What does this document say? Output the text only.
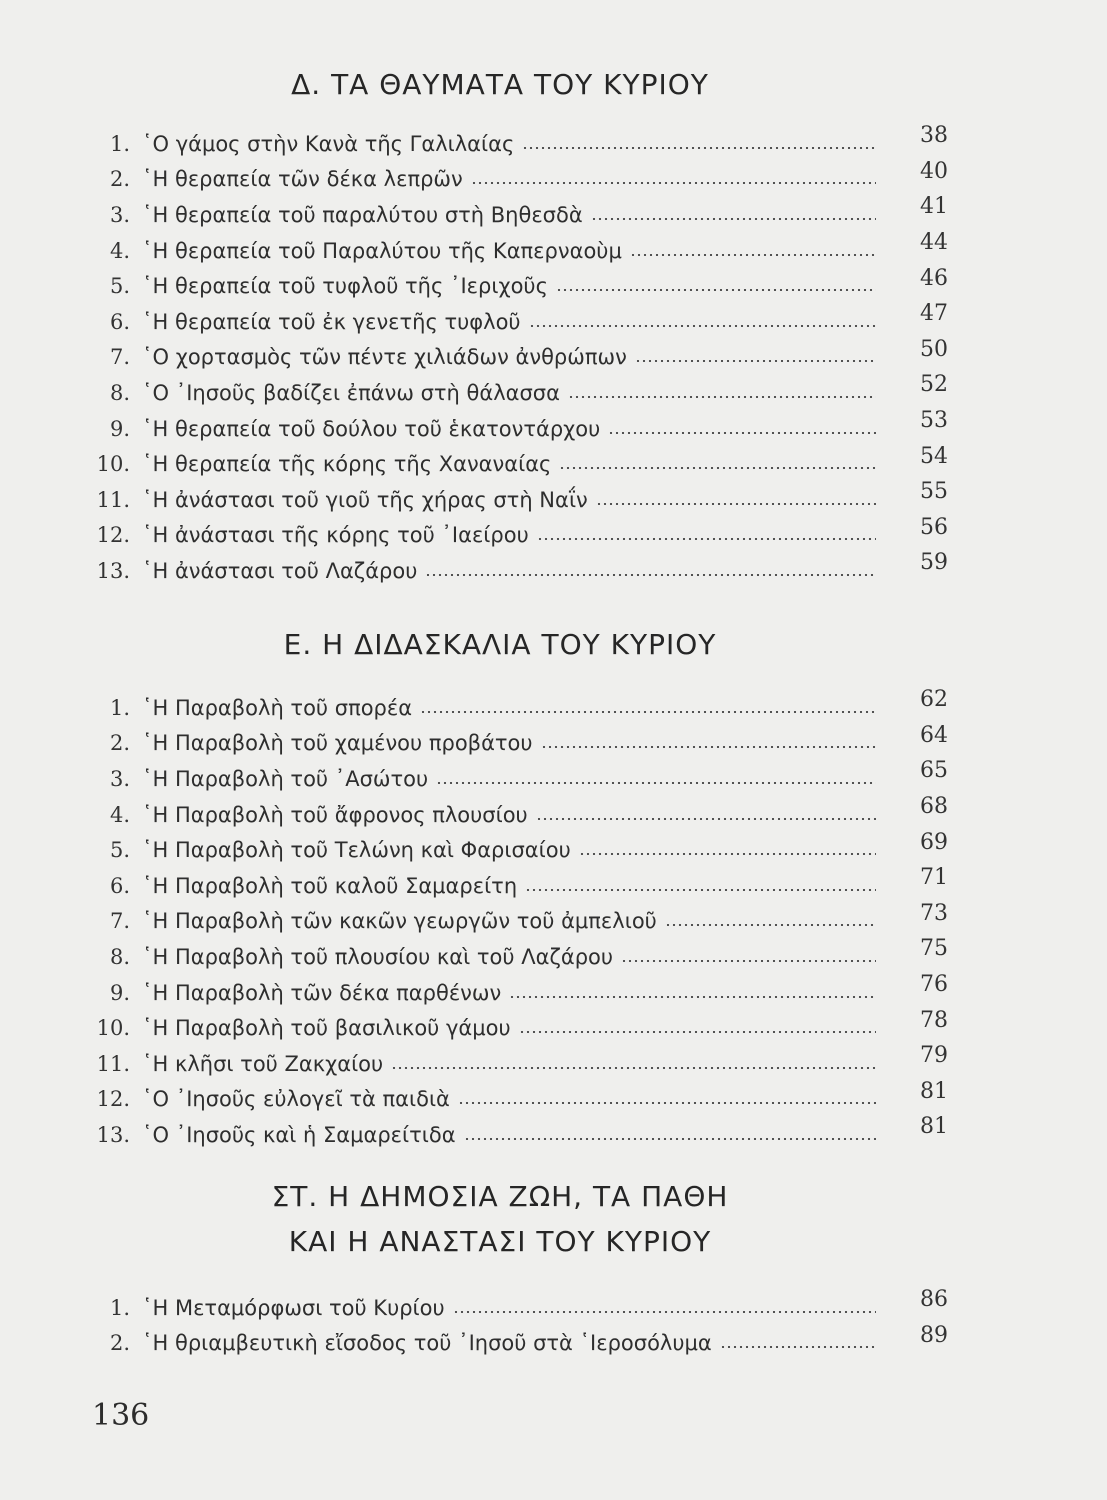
Δ. ΤΑ ΘΑΥΜΑΤΑ ΤΟΥ ΚΥΡΙΟΥ
1. ῾Ο γάμος στὴν Κανὰ τῆς Γαλιλαίας	38
2. ῾Η θεραπεία τῶν δέκα λεπρῶν	40
3. ῾Η θεραπεία τοῦ παραλύτου στὴ Βηθεσδὰ	41
4. ῾Η θεραπεία τοῦ Παραλύτου τῆς Καπερναοὺμ	44
5. ῾Η θεραπεία τοῦ τυφλοῦ τῆς ᾿Ιεριχοῦς	46
6. ῾Η θεραπεία τοῦ ἐκ γενετῆς τυφλοῦ	47
7. ῾Ο χορτασμὸς τῶν πέντε χιλιάδων ἀνθρώπων	50
8. ῾Ο ᾿Ιησοῦς βαδίζει ἐπάνω στὴ θάλασσα	52
9. ῾Η θεραπεία τοῦ δούλου τοῦ ἑκατοντάρχου	53
10. ῾Η θεραπεία τῆς κόρης τῆς Χαναναίας	54
11. ῾Η ἀνάστασι τοῦ γιοῦ τῆς χήρας στὴ Ναΐν	55
12. ῾Η ἀνάστασι τῆς κόρης τοῦ ᾿Ιαείρου	56
13. ῾Η ἀνάστασι τοῦ Λαζάρου	59
Ε. Η ΔΙΔΑΣΚΑΛΙΑ ΤΟΥ ΚΥΡΙΟΥ
1. ῾Η Παραβολὴ τοῦ σπορέα	62
2. ῾Η Παραβολὴ τοῦ χαμένου προβάτου	64
3. ῾Η Παραβολὴ τοῦ ᾿Ασώτου	65
4. ῾Η Παραβολὴ τοῦ ἄφρονος πλουσίου	68
5. ῾Η Παραβολὴ τοῦ Τελώνη καὶ Φαρισαίου	69
6. ῾Η Παραβολὴ τοῦ καλοῦ Σαμαρείτη	71
7. ῾Η Παραβολὴ τῶν κακῶν γεωργῶν τοῦ ἀμπελιοῦ	73
8. ῾Η Παραβολὴ τοῦ πλουσίου καὶ τοῦ Λαζάρου	75
9. ῾Η Παραβολὴ τῶν δέκα παρθένων	76
10. ῾Η Παραβολὴ τοῦ βασιλικοῦ γάμου	78
11. ῾Η κλῆσι τοῦ Ζακχαίου	79
12. ῾Ο ᾿Ιησοῦς εὐλογεῖ τὰ παιδιὰ	81
13. ῾Ο ᾿Ιησοῦς καὶ ἡ Σαμαρείτιδα	81
ΣΤ. Η ΔΗΜΟΣΙΑ ΖΩΗ, ΤΑ ΠΑΘΗ
ΚΑΙ Η ΑΝΑΣΤΑΣΙ ΤΟΥ ΚΥΡΙΟΥ
1. ῾Η Μεταμόρφωσι τοῦ Κυρίου	86
2. ῾Η θριαμβευτικὴ εἴσοδος τοῦ ᾿Ιησοῦ στὰ ῾Ιεροσόλυμα	89
136
